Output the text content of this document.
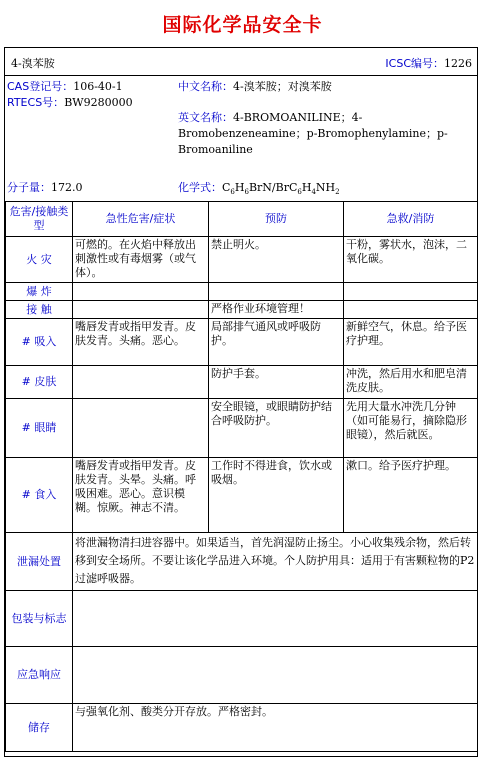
国际化学品安全卡
4-溴苯胺	ICSC编号：1226
CAS登记号：106-40-1
RTECS号：BW9280000
分子量：172.0
中文名称：4-溴苯胺；对溴苯胺
英文名称：4-BROMOANILINE；4-
Bromobenzeneamine；p-Bromophenylamine；p-
Bromoaniline
化学式：$C_6H_6BrN/BrC_6H_4NH_2$
危害/接触类型	急性危害/症状	预防	急救/消防
火 灾	可燃的。在火焰中释放出刺激性或有毒烟雾（或气体）。	禁止明火。	干粉，雾状水，泡沫，二氧化碳。
爆 炸			
接 触		严格作业环境管理！	
# 吸入	嘴唇发青或指甲发青。皮肤发青。头痛。恶心。	局部排气通风或呼吸防护。	新鲜空气，休息。给予医疗护理。
# 皮肤		防护手套。	冲洗，然后用水和肥皂清洗皮肤。
# 眼睛		安全眼镜，或眼睛防护结合呼吸防护。	先用大量水冲洗几分钟（如可能易行，摘除隐形眼镜），然后就医。
# 食入	嘴唇发青或指甲发青。皮肤发青。头晕。头痛。呼吸困难。恶心。意识模糊。惊厥。神志不清。	工作时不得进食，饮水或吸烟。	漱口。给予医疗护理。
泄漏处置	将泄漏物清扫进容器中。如果适当，首先润湿防止扬尘。小心收集残余物，然后转移到安全场所。不要让该化学品进入环境。个人防护用具：适用于有害颗粒物的P2过滤呼吸器。		
包装与标志			
应急响应			
储存	与强氧化剂、酸类分开存放。严格密封。		
